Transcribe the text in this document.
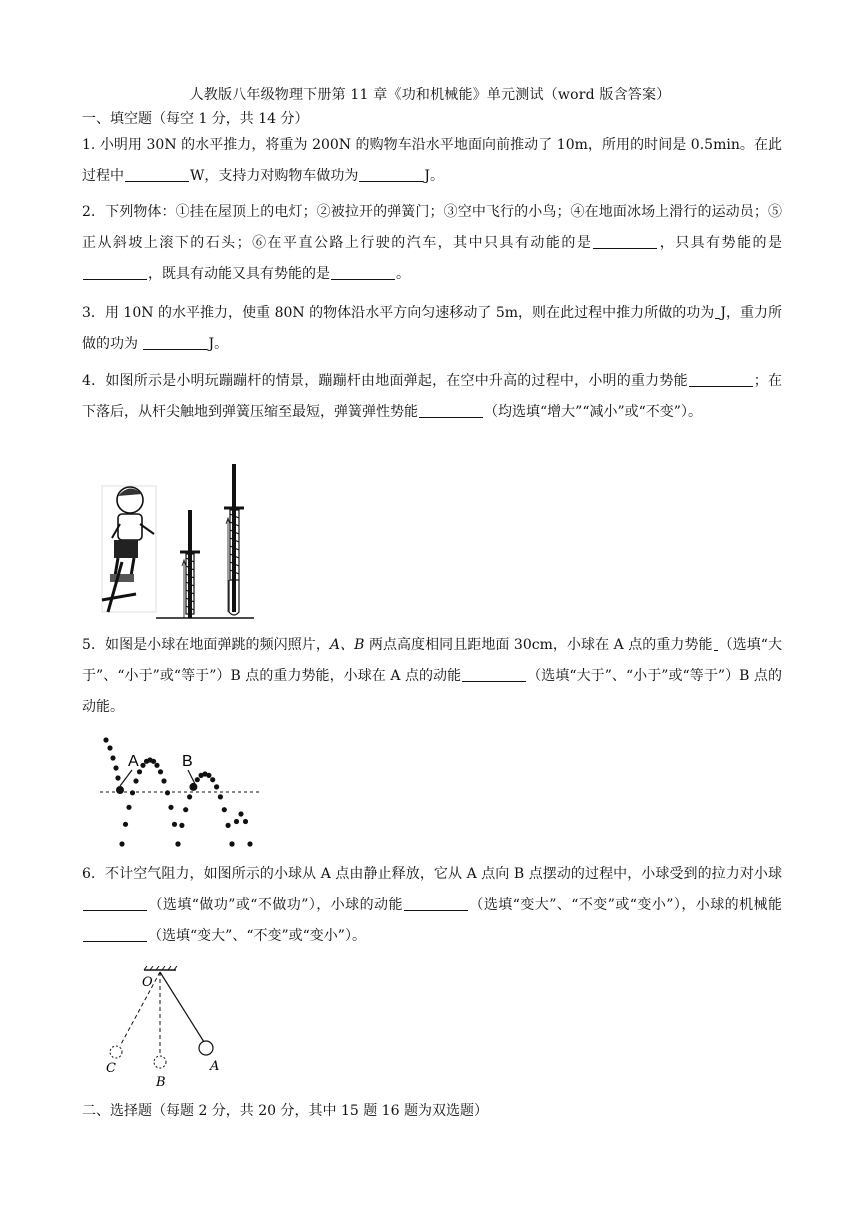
人教版八年级物理下册第 11 章《功和机械能》单元测试（word 版含答案）
一、填空题（每空 1 分，共 14 分）
1. 小明用 30N 的水平推力，将重为 200N 的购物车沿水平地面向前推动了 10m，所用的时间是 0.5min。在此过程中	W，支持力对购物车做功为	J。
2．下列物体：①挂在屋顶上的电灯；②被拉开的弹簧门；③空中飞行的小鸟；④在地面冰场上滑行的运动员；⑤正从斜坡上滚下的石头；⑥在平直公路上行驶的汽车，其中只具有动能的是	，只具有势能的是，既具有动能又具有势能的是	。
3．用 10N 的水平推力，使重 80N 的物体沿水平方向匀速移动了 5m，则在此过程中推力所做的功为 J，重力所做的功为	J。
4．如图所示是小明玩蹦蹦杆的情景，蹦蹦杆由地面弹起，在空中升高的过程中，小明的重力势能	；在下落后，从杆尖触地到弹簧压缩至最短，弹簧弹性势能	（均选填“增大”“减小”或“不变”）。
5．如图是小球在地面弹跳的频闪照片，A、B 两点高度相同且距地面 30cm，小球在 A 点的重力势能 （选填“大于”、“小于”或“等于”）B 点的重力势能，小球在 A 点的动能	（选填“大于”、“小于”或“等于”）B 点的动能。
A	B
6．不计空气阻力，如图所示的小球从 A 点由静止释放，它从 A 点向 B 点摆动的过程中，小球受到的拉力对小球（选填“做功”或“不做功”），小球的动能	（选填“变大”、“不变”或“变小”），小球的机械能（选填“变大”、“不变”或“变小”）。
O
A
B
C
二、选择题（每题 2 分，共 20 分，其中 15 题 16 题为双选题）
